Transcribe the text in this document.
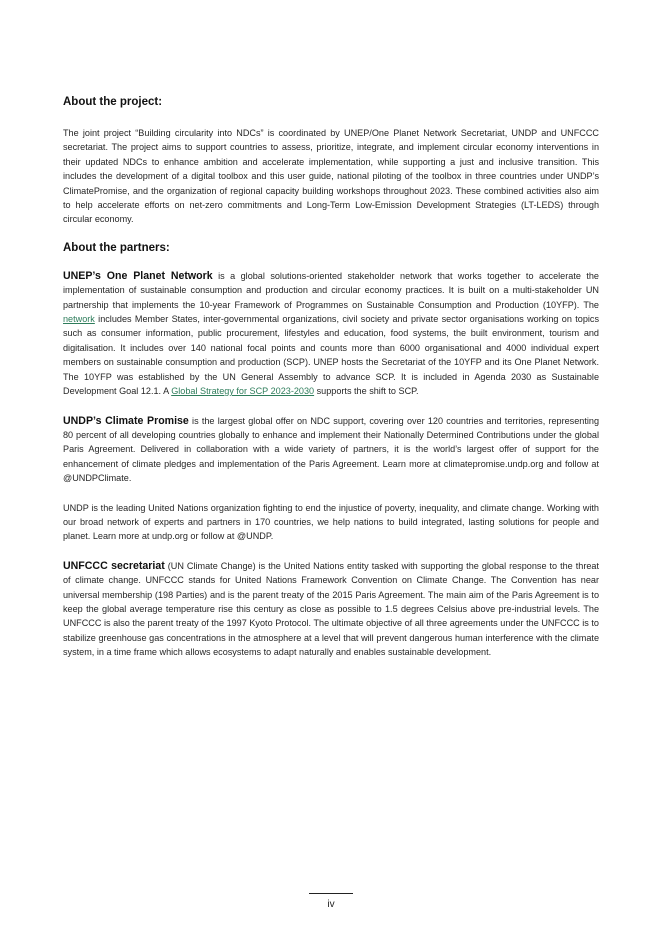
About the project:

The joint project “Building circularity into NDCs” is coordinated by UNEP/One Planet Network Secretariat, UNDP and UNFCCC secretariat. The project aims to support countries to assess, prioritize, integrate, and implement circular economy interventions in their updated NDCs to enhance ambition and accelerate implementation, while supporting a just and inclusive transition. This includes the development of a digital toolbox and this user guide, national piloting of the toolbox in three countries under UNDP’s ClimatePromise, and the organization of regional capacity building workshops throughout 2023. These combined activities also aim to help accelerate efforts on net-zero commitments and Long-Term Low-Emission Development Strategies (LT-LEDS) through circular economy.

About the partners:

UNEP’s One Planet Network is a global solutions-oriented stakeholder network that works together to accelerate the implementation of sustainable consumption and production and circular economy practices. It is built on a multi-stakeholder UN partnership that implements the 10-year Framework of Programmes on Sustainable Consumption and Production (10YFP). The network includes Member States, inter-governmental organizations, civil society and private sector organisations working on topics such as consumer information, public procurement, lifestyles and education, food systems, the built environment, tourism and digitalisation. It includes over 140 national focal points and counts more than 6000 organisational and 4000 individual expert members on sustainable consumption and production (SCP). UNEP hosts the Secretariat of the 10YFP and its One Planet Network. The 10YFP was established by the UN General Assembly to advance SCP. It is included in Agenda 2030 as Sustainable Development Goal 12.1. A Global Strategy for SCP 2023-2030 supports the shift to SCP.

UNDP’s Climate Promise is the largest global offer on NDC support, covering over 120 countries and territories, representing 80 percent of all developing countries globally to enhance and implement their Nationally Determined Contributions under the global Paris Agreement. Delivered in collaboration with a wide variety of partners, it is the world’s largest offer of support for the enhancement of climate pledges and implementation of the Paris Agreement. Learn more at climatepromise.undp.org and follow at @UNDPClimate.

UNDP is the leading United Nations organization fighting to end the injustice of poverty, inequality, and climate change. Working with our broad network of experts and partners in 170 countries, we help nations to build integrated, lasting solutions for people and planet. Learn more at undp.org or follow at @UNDP.

UNFCCC secretariat (UN Climate Change) is the United Nations entity tasked with supporting the global response to the threat of climate change. UNFCCC stands for United Nations Framework Convention on Climate Change. The Convention has near universal membership (198 Parties) and is the parent treaty of the 2015 Paris Agreement. The main aim of the Paris Agreement is to keep the global average temperature rise this century as close as possible to 1.5 degrees Celsius above pre-industrial levels. The UNFCCC is also the parent treaty of the 1997 Kyoto Protocol. The ultimate objective of all three agreements under the UNFCCC is to stabilize greenhouse gas concentrations in the atmosphere at a level that will prevent dangerous human interference with the climate system, in a time frame which allows ecosystems to adapt naturally and enables sustainable development.

iv
